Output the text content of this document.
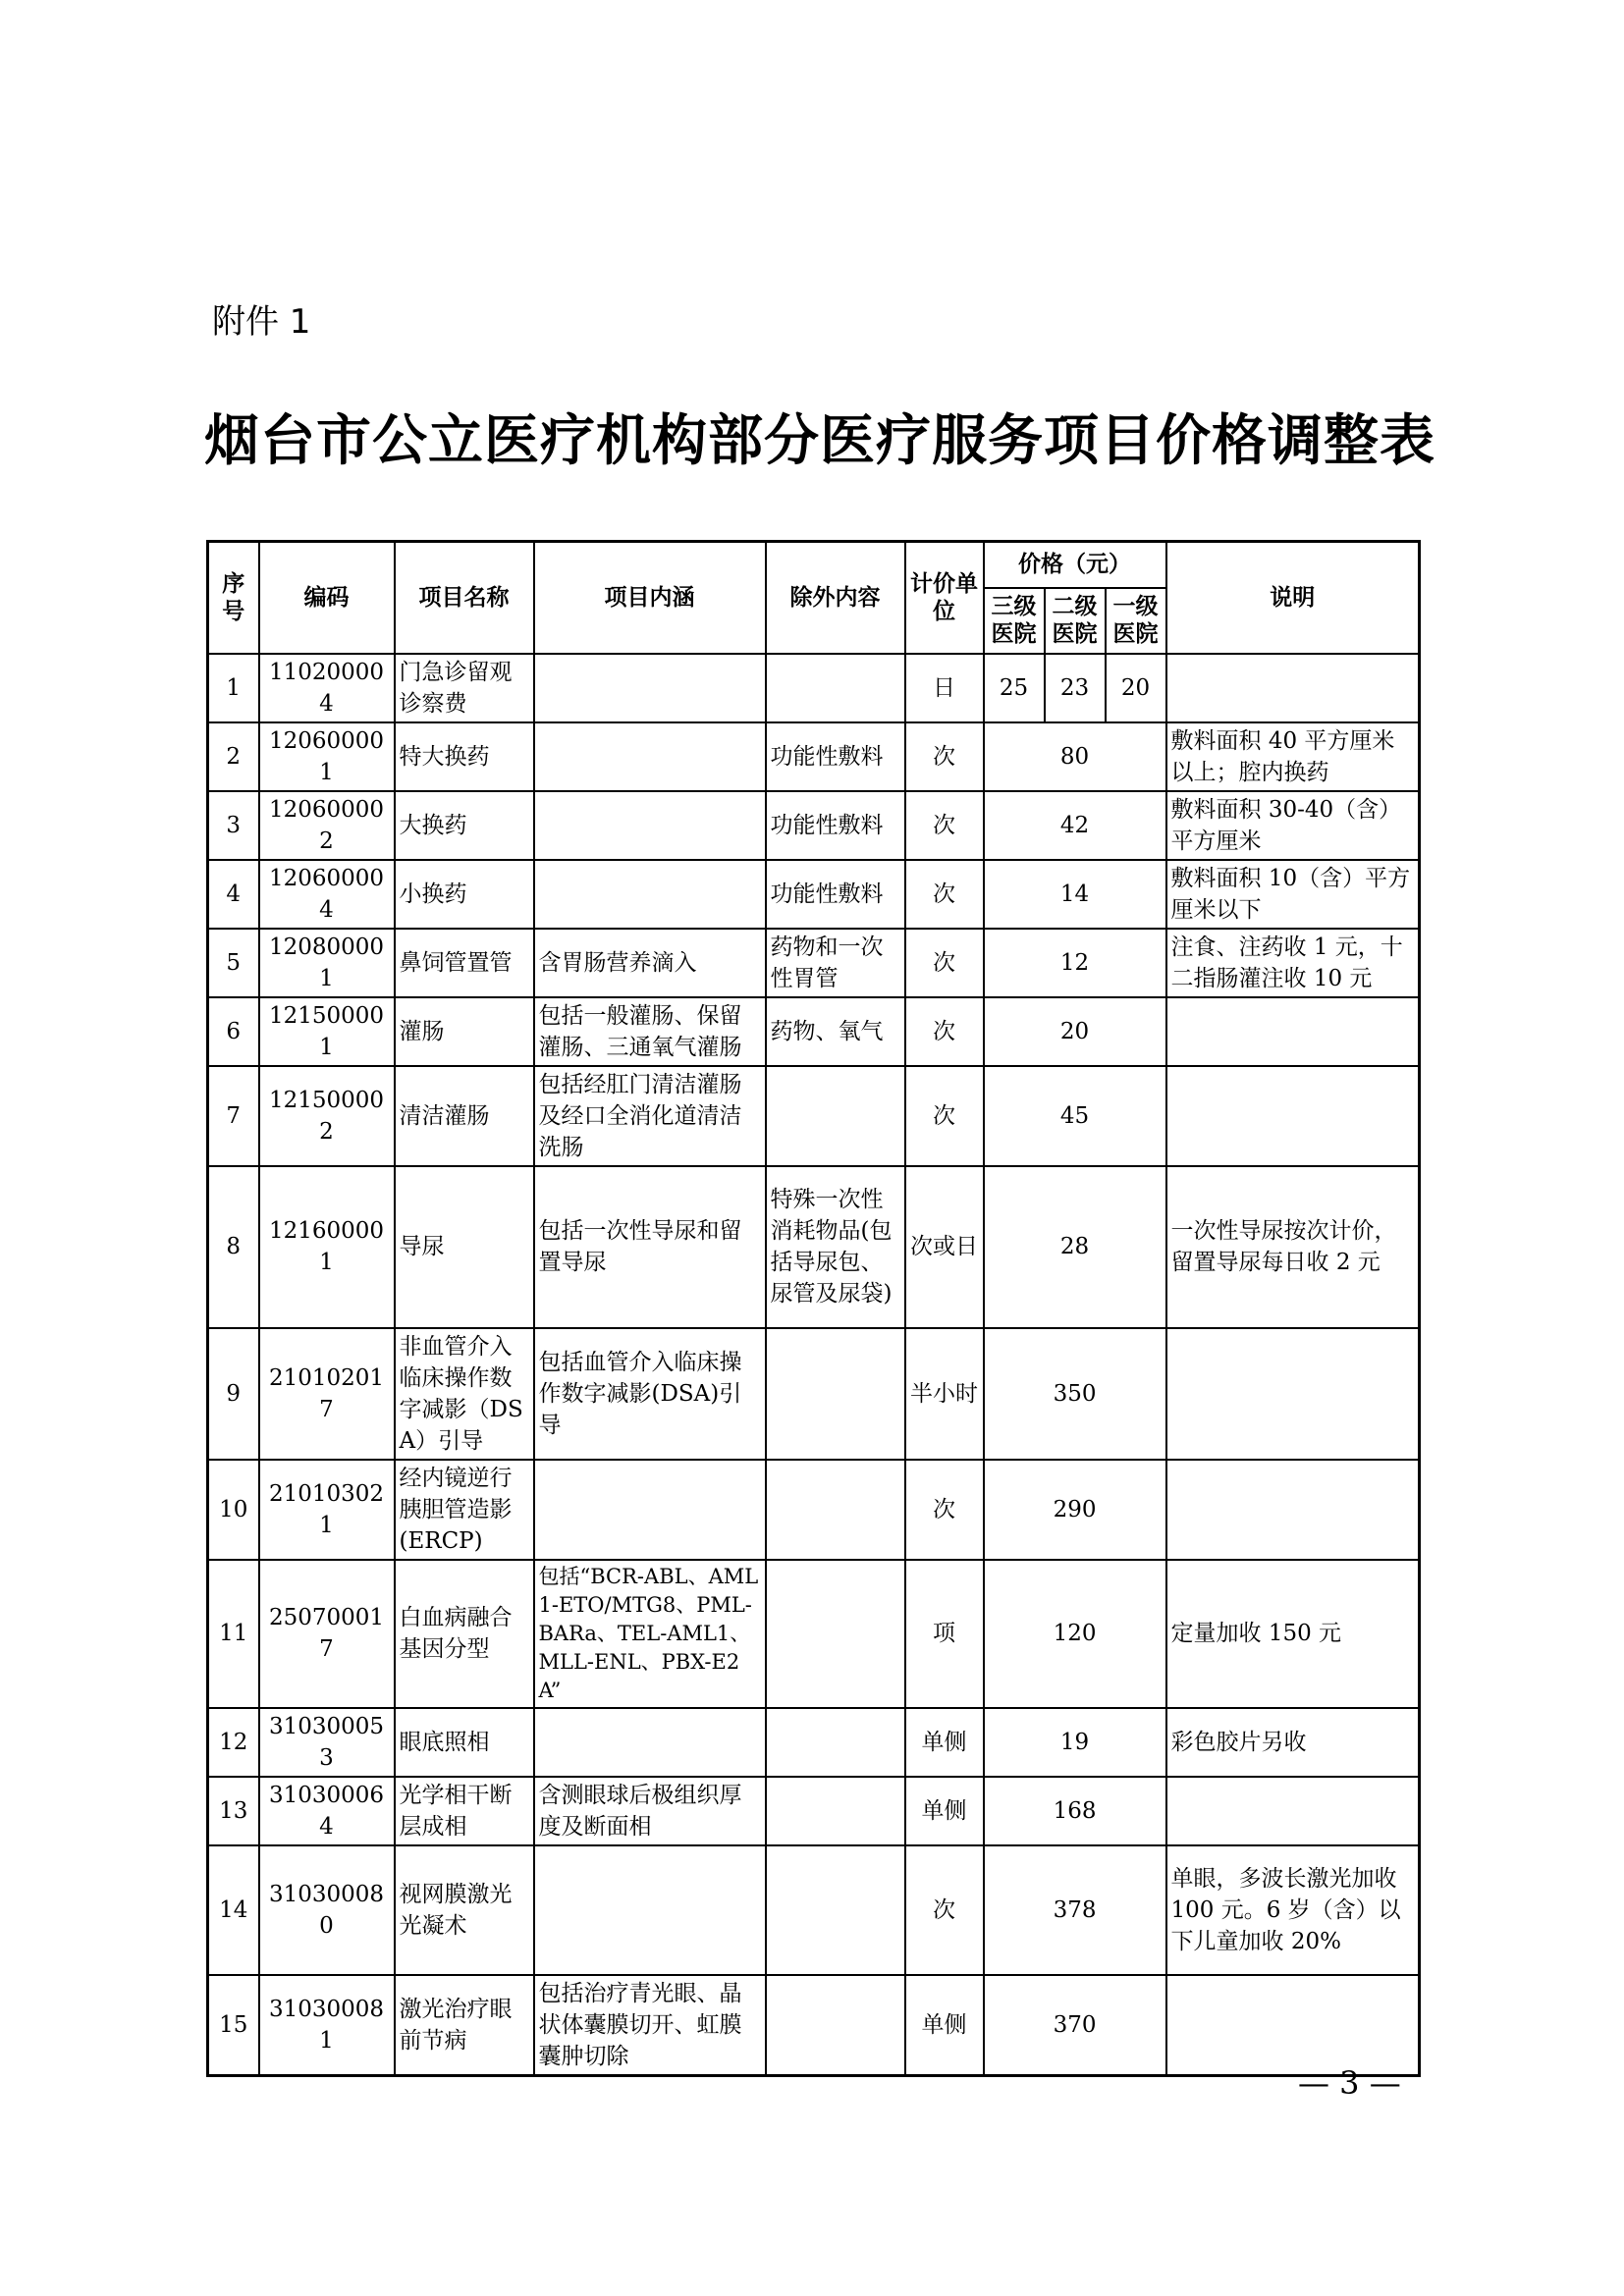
附件 1
烟台市公立医疗机构部分医疗服务项目价格调整表
序号	编码	项目名称	项目内涵	除外内容	计价单位	价格（元）			说明
						三级医院	二级医院	一级医院	
1	110200004	门急诊留观诊察费			日	25	23	20	
2	120600001	特大换药		功能性敷料	次	80			敷料面积 40 平方厘米以上；腔内换药
3	120600002	大换药		功能性敷料	次	42			敷料面积 30-40（含）平方厘米
4	120600004	小换药		功能性敷料	次	14			敷料面积 10（含）平方厘米以下
5	120800001	鼻饲管置管	含胃肠营养滴入	药物和一次性胃管	次	12			注食、注药收 1 元，十二指肠灌注收 10 元
6	121500001	灌肠	包括一般灌肠、保留灌肠、三通氧气灌肠	药物、氧气	次	20			
7	121500002	清洁灌肠	包括经肛门清洁灌肠及经口全消化道清洁洗肠		次	45			
8	121600001	导尿	包括一次性导尿和留置导尿	特殊一次性消耗物品(包括导尿包、尿管及尿袋)	次或日	28			一次性导尿按次计价，留置导尿每日收 2 元
9	210102017	非血管介入临床操作数字减影（DSA）引导	包括血管介入临床操作数字减影(DSA)引导		半小时	350			
10	210103021	经内镜逆行胰胆管造影(ERCP)			次	290			
11	250700017	白血病融合基因分型	包括“BCR-ABL、AML1-ETO/MTG8、PML-BARa、TEL-AML1、MLL-ENL、PBX-E2A”		项	120			定量加收 150 元
12	310300053	眼底照相			单侧	19			彩色胶片另收
13	310300064	光学相干断层成相	含测眼球后极组织厚度及断面相		单侧	168			
14	310300080	视网膜激光光凝术			次	378			单眼，多波长激光加收 100 元。6 岁（含）以下儿童加收 20%
15	310300081	激光治疗眼前节病	包括治疗青光眼、晶状体囊膜切开、虹膜囊肿切除		单侧	370			
— 3 —
